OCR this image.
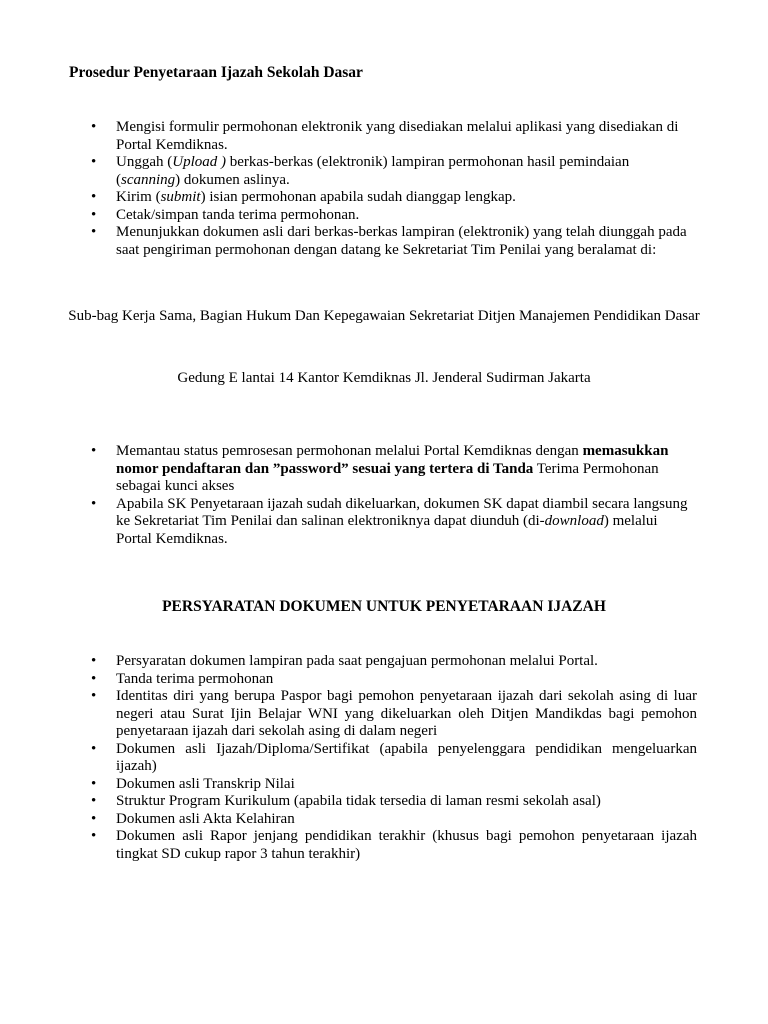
Prosedur Penyetaraan Ijazah Sekolah Dasar
• Mengisi formulir permohonan elektronik yang disediakan melalui aplikasi yang disediakan di Portal Kemdiknas.
• Unggah (Upload ) berkas-berkas (elektronik) lampiran permohonan hasil pemindaian (scanning) dokumen aslinya.
• Kirim (submit) isian permohonan apabila sudah dianggap lengkap.
• Cetak/simpan tanda terima permohonan.
• Menunjukkan dokumen asli dari berkas-berkas lampiran (elektronik) yang telah diunggah pada saat pengiriman permohonan dengan datang ke Sekretariat Tim Penilai yang beralamat di:
Sub-bag Kerja Sama, Bagian Hukum Dan Kepegawaian Sekretariat Ditjen Manajemen Pendidikan Dasar
Gedung E lantai 14 Kantor Kemdiknas Jl. Jenderal Sudirman Jakarta
• Memantau status pemrosesan permohonan melalui Portal Kemdiknas dengan memasukkan nomor pendaftaran dan ”password” sesuai yang tertera di Tanda Terima Permohonan sebagai kunci akses
• Apabila SK Penyetaraan ijazah sudah dikeluarkan, dokumen SK dapat diambil secara langsung ke Sekretariat Tim Penilai dan salinan elektroniknya dapat diunduh (di-download) melalui Portal Kemdiknas.
PERSYARATAN DOKUMEN UNTUK PENYETARAAN IJAZAH
• Persyaratan dokumen lampiran pada saat pengajuan permohonan melalui Portal.
• Tanda terima permohonan
• Identitas diri yang berupa Paspor bagi pemohon penyetaraan ijazah dari sekolah asing di luar negeri atau Surat Ijin Belajar WNI yang dikeluarkan oleh Ditjen Mandikdas bagi pemohon penyetaraan ijazah dari sekolah asing di dalam negeri
• Dokumen asli Ijazah/Diploma/Sertifikat (apabila penyelenggara pendidikan mengeluarkan ijazah)
• Dokumen asli Transkrip Nilai
• Struktur Program Kurikulum (apabila tidak tersedia di laman resmi sekolah asal)
• Dokumen asli Akta Kelahiran
• Dokumen asli Rapor jenjang pendidikan terakhir (khusus bagi pemohon penyetaraan ijazah tingkat SD cukup rapor 3 tahun terakhir)
